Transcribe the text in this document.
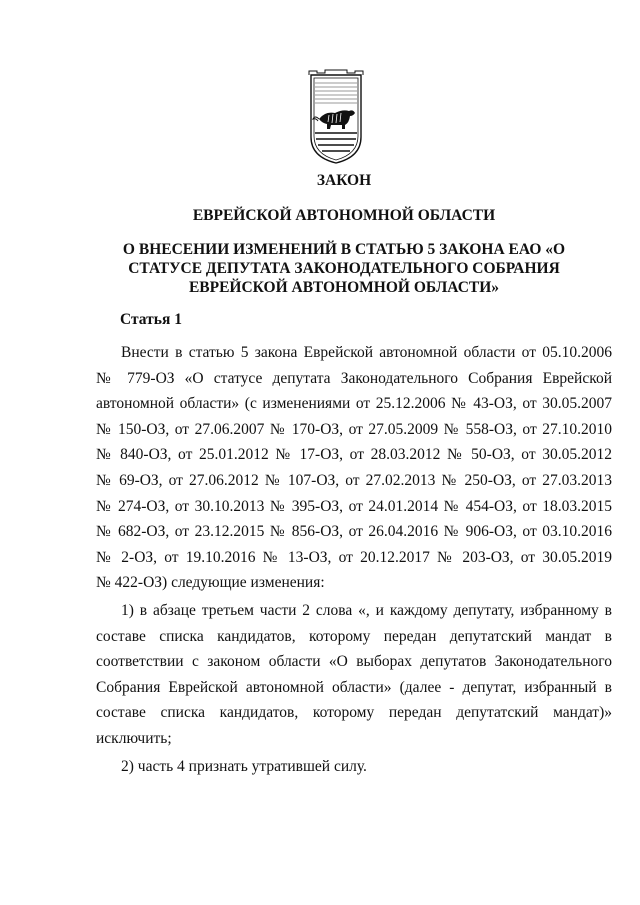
ЗАКОН
ЕВРЕЙСКОЙ АВТОНОМНОЙ ОБЛАСТИ
О ВНЕСЕНИИ ИЗМЕНЕНИЙ В СТАТЬЮ 5 ЗАКОНА ЕАО «О
СТАТУСЕ ДЕПУТАТА ЗАКОНОДАТЕЛЬНОГО СОБРАНИЯ
ЕВРЕЙСКОЙ АВТОНОМНОЙ ОБЛАСТИ»

Статья 1

Внести в статью 5 закона Еврейской автономной области от 05.10.2006
№ 779-ОЗ «О статусе депутата Законодательного Собрания Еврейской
автономной области» (с изменениями от 25.12.2006 № 43-ОЗ, от 30.05.2007
№ 150-ОЗ, от 27.06.2007 № 170-ОЗ, от 27.05.2009 № 558-ОЗ, от 27.10.2010
№ 840-ОЗ, от 25.01.2012 № 17-ОЗ, от 28.03.2012 № 50-ОЗ, от 30.05.2012
№ 69-ОЗ, от 27.06.2012 № 107-ОЗ, от 27.02.2013 № 250-ОЗ, от 27.03.2013
№ 274-ОЗ, от 30.10.2013 № 395-ОЗ, от 24.01.2014 № 454-ОЗ, от 18.03.2015
№ 682-ОЗ, от 23.12.2015 № 856-ОЗ, от 26.04.2016 № 906-ОЗ, от 03.10.2016
№ 2-ОЗ, от 19.10.2016 № 13-ОЗ, от 20.12.2017 № 203-ОЗ, от 30.05.2019
№ 422-ОЗ) следующие изменения:
1) в абзаце третьем части 2 слова «, и каждому депутату, избранному в
составе списка кандидатов, которому передан депутатский мандат в
соответствии с законом области «О выборах депутатов Законодательного
Собрания Еврейской автономной области» (далее - депутат, избранный в
составе списка кандидатов, которому передан депутатский мандат)»
исключить;
2) часть 4 признать утратившей силу.
